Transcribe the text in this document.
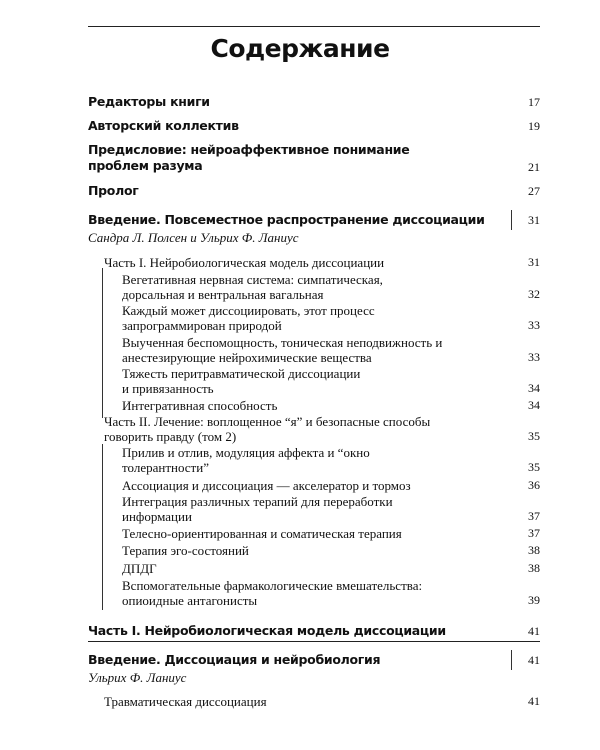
Содержание
Редакторы книги	17
Авторский коллектив	19
Предисловие: нейроаффективное понимание проблем разума	21
Пролог	27
Введение. Повсеместное распространение диссоциации	31
Сандра Л. Полсен и Ульрих Ф. Ланиус
Часть I. Нейробиологическая модель диссоциации	31
Вегетативная нервная система: симпатическая, дорсальная и вентральная вагальная	32
Каждый может диссоциировать, этот процесс запрограммирован природой	33
Выученная беспомощность, тоническая неподвижность и анестезирующие нейрохимические вещества	33
Тяжесть перитравматической диссоциации и привязанность	34
Интегративная способность	34
Часть II. Лечение: воплощенное “я” и безопасные способы говорить правду (том 2)	35
Прилив и отлив, модуляция аффекта и “окно толерантности”	35
Ассоциация и диссоциация — акселератор и тормоз	36
Интеграция различных терапий для переработки информации	37
Телесно-ориентированная и соматическая терапия	37
Терапия эго-состояний	38
ДПДГ	38
Вспомогательные фармакологические вмешательства: опиоидные антагонисты	39
Часть I. Нейробиологическая модель диссоциации	41
Введение. Диссоциация и нейробиология	41
Ульрих Ф. Ланиус
Травматическая диссоциация	41
